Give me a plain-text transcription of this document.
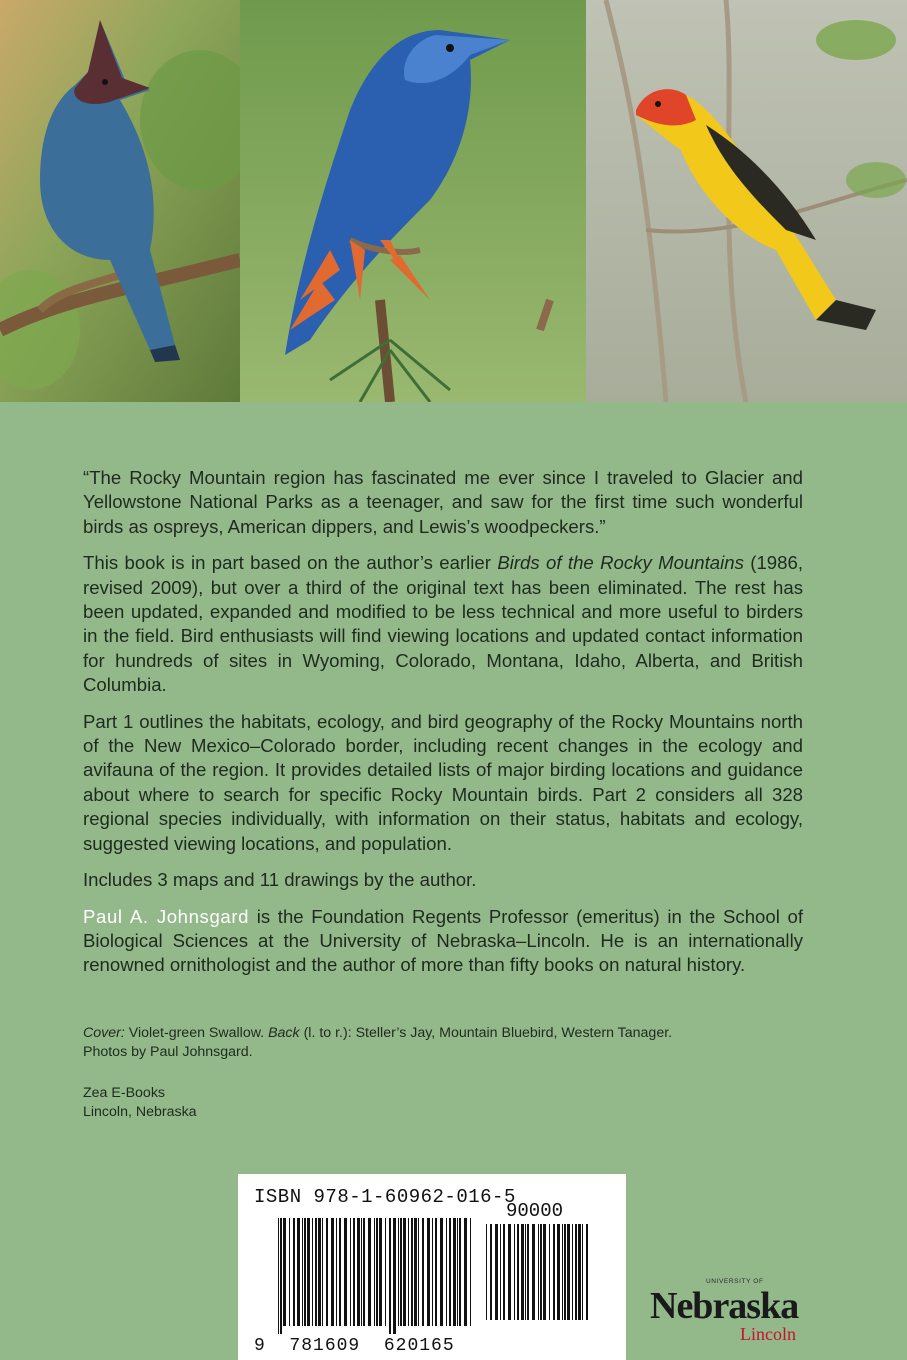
“The Rocky Mountain region has fascinated me ever since I traveled to Glacier and Yellowstone National Parks as a teenager, and saw for the first time such wonderful birds as ospreys, American dippers, and Lewis’s woodpeckers.”

This book is in part based on the author’s earlier Birds of the Rocky Mountains (1986, revised 2009), but over a third of the original text has been eliminated. The rest has been updated, expanded and modified to be less technical and more useful to birders in the field. Bird enthusiasts will find viewing locations and updated contact information for hundreds of sites in Wyoming, Colorado, Montana, Idaho, Alberta, and British Columbia.

Part 1 outlines the habitats, ecology, and bird geography of the Rocky Mountains north of the New Mexico–Colorado border, including recent changes in the ecology and avifauna of the region. It provides detailed lists of major birding locations and guidance about where to search for specific Rocky Mountain birds. Part 2 considers all 328 regional species individually, with information on their status, habitats and ecology, suggested viewing locations, and population.

Includes 3 maps and 11 drawings by the author.

Paul A. Johnsgard is the Foundation Regents Professor (emeritus) in the School of Biological Sciences at the University of Nebraska–Lincoln. He is an internationally renowned ornithologist and the author of more than fifty books on natural history.

Cover: Violet-green Swallow. Back (l. to r.): Steller’s Jay, Mountain Bluebird, Western Tanager.

Photos by Paul Johnsgard.

Zea E-Books

Lincoln, Nebraska

ISBN 978-1-60962-016-5
90000
9 781609 620165
UNIVERSITY OF
Nebraska
Lincoln
